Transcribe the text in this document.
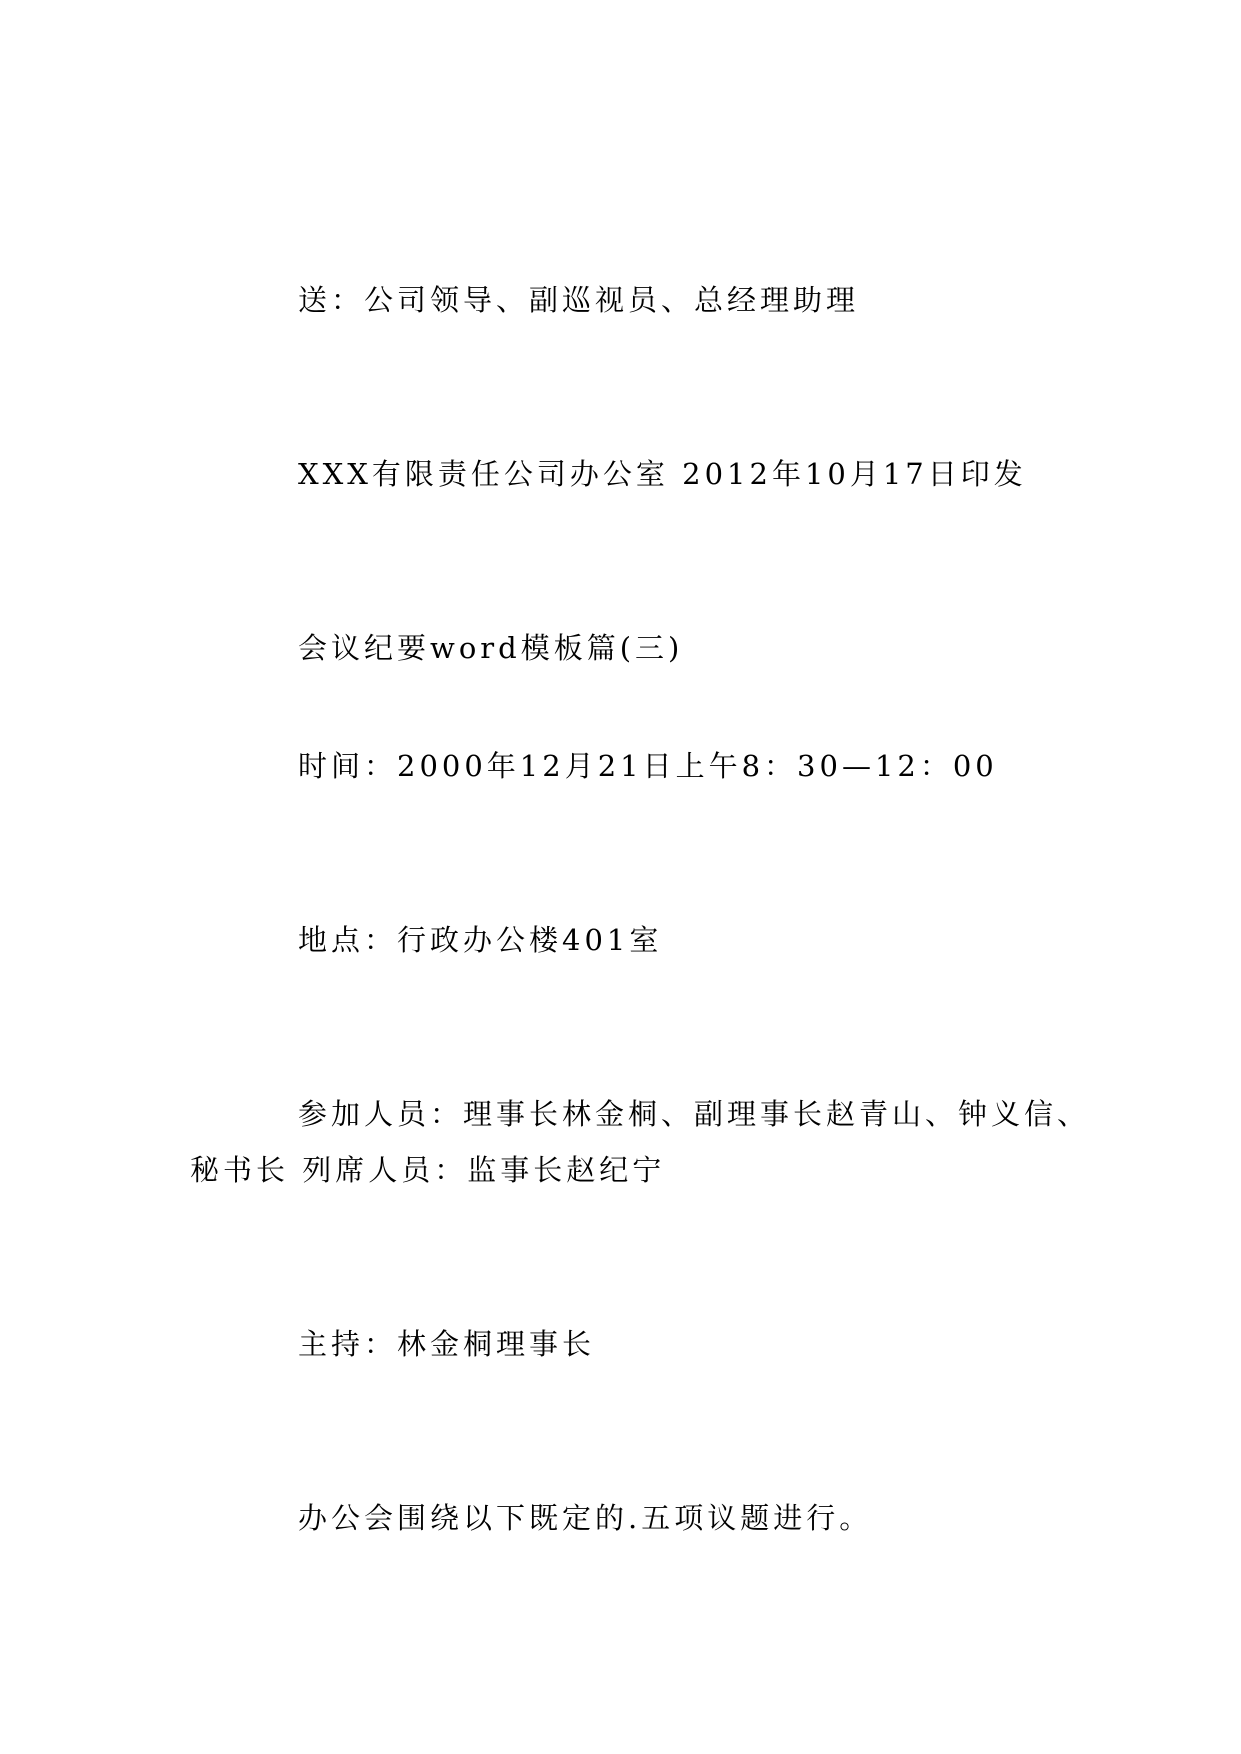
送：公司领导、副巡视员、总经理助理
XXX有限责任公司办公室 2012年10月17日印发
会议纪要word模板篇(三)
时间：2000年12月21日上午8：30—12：00
地点：行政办公楼401室
参加人员：理事长林金桐、副理事长赵青山、钟义信、
秘书长 列席人员：监事长赵纪宁
主持：林金桐理事长
办公会围绕以下既定的.五项议题进行。
